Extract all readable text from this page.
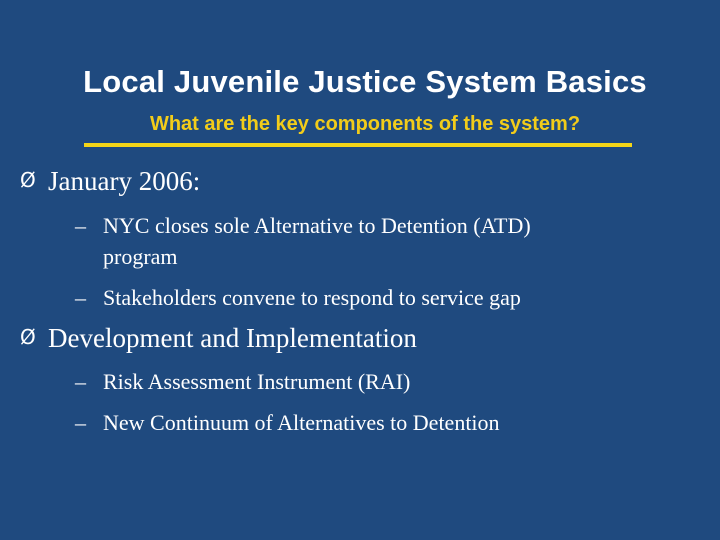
Local Juvenile Justice System Basics
What are the key components of the system?
Ø January 2006:
– NYC closes sole Alternative to Detention (ATD)
program
– Stakeholders convene to respond to service gap
Ø Development and Implementation
– Risk Assessment Instrument (RAI)
– New Continuum of Alternatives to Detention
